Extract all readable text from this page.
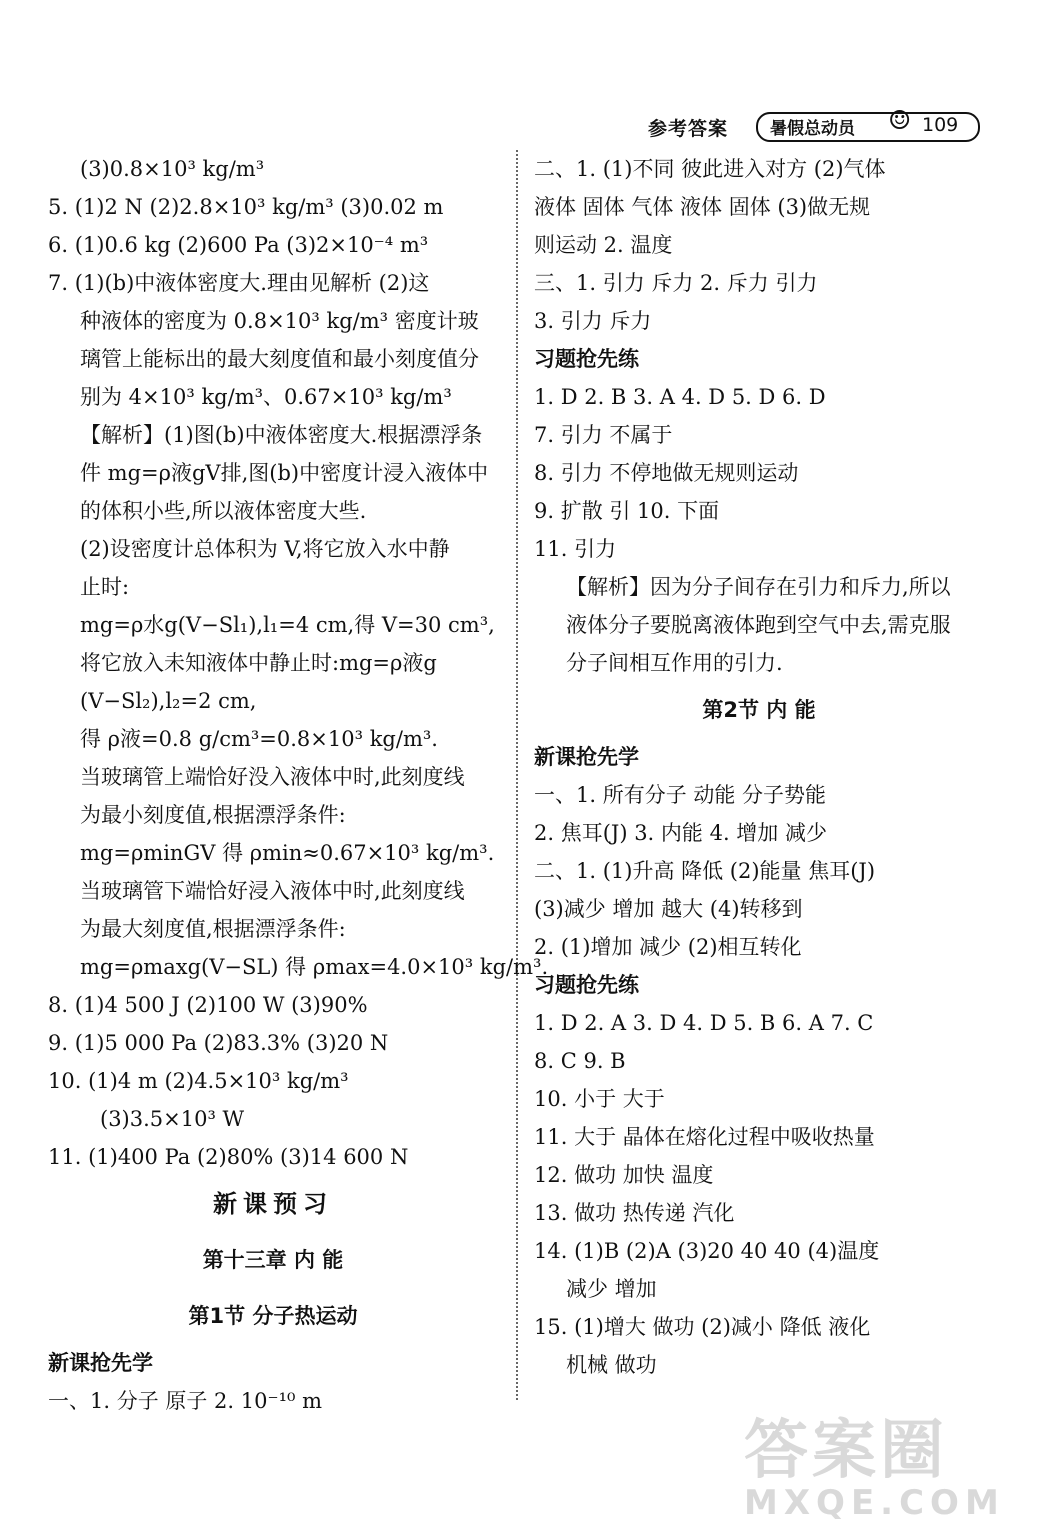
参考答案 暑假总动员 ☺ 109
(3)0.8×10³ kg/m³
5. (1)2 N (2)2.8×10³ kg/m³ (3)0.02 m
6. (1)0.6 kg (2)600 Pa (3)2×10⁻⁴ m³
7. (1)(b)中液体密度大.理由见解析 (2)这
种液体的密度为 0.8×10³ kg/m³ 密度计玻
璃管上能标出的最大刻度值和最小刻度值分
别为 4×10³ kg/m³、0.67×10³ kg/m³
【解析】(1)图(b)中液体密度大.根据漂浮条
件 mg=ρ液gV排,图(b)中密度计浸入液体中
的体积小些,所以液体密度大些.
(2)设密度计总体积为 V,将它放入水中静
止时:
mg=ρ水g(V−Sl₁),l₁=4 cm,得 V=30 cm³,
将它放入未知液体中静止时:mg=ρ液g
(V−Sl₂),l₂=2 cm,
得 ρ液=0.8 g/cm³=0.8×10³ kg/m³.
当玻璃管上端恰好没入液体中时,此刻度线
为最小刻度值,根据漂浮条件:
mg=ρminGV 得 ρmin≈0.67×10³ kg/m³.
当玻璃管下端恰好浸入液体中时,此刻度线
为最大刻度值,根据漂浮条件:
mg=ρmaxg(V−SL) 得 ρmax=4.0×10³ kg/m³.
8. (1)4 500 J (2)100 W (3)90%
9. (1)5 000 Pa (2)83.3% (3)20 N
10. (1)4 m (2)4.5×10³ kg/m³
(3)3.5×10³ W
11. (1)400 Pa (2)80% (3)14 600 N
新课预习
第十三章 内 能
第1节 分子热运动
新课抢先学
一、1. 分子 原子 2. 10⁻¹⁰ m
二、1. (1)不同 彼此进入对方 (2)气体
液体 固体 气体 液体 固体 (3)做无规
则运动 2. 温度
三、1. 引力 斥力 2. 斥力 引力
3. 引力 斥力
习题抢先练
1. D 2. B 3. A 4. D 5. D 6. D
7. 引力 不属于
8. 引力 不停地做无规则运动
9. 扩散 引 10. 下面
11. 引力
【解析】因为分子间存在引力和斥力,所以
液体分子要脱离液体跑到空气中去,需克服
分子间相互作用的引力.
第2节 内 能
新课抢先学
一、1. 所有分子 动能 分子势能
2. 焦耳(J) 3. 内能 4. 增加 减少
二、1. (1)升高 降低 (2)能量 焦耳(J)
(3)减少 增加 越大 (4)转移到
2. (1)增加 减少 (2)相互转化
习题抢先练
1. D 2. A 3. D 4. D 5. B 6. A 7. C
8. C 9. B
10. 小于 大于
11. 大于 晶体在熔化过程中吸收热量
12. 做功 加快 温度
13. 做功 热传递 汽化
14. (1)B (2)A (3)20 40 40 (4)温度
减少 增加
15. (1)增大 做功 (2)减小 降低 液化
机械 做功
答案圈
MXQE.COM
